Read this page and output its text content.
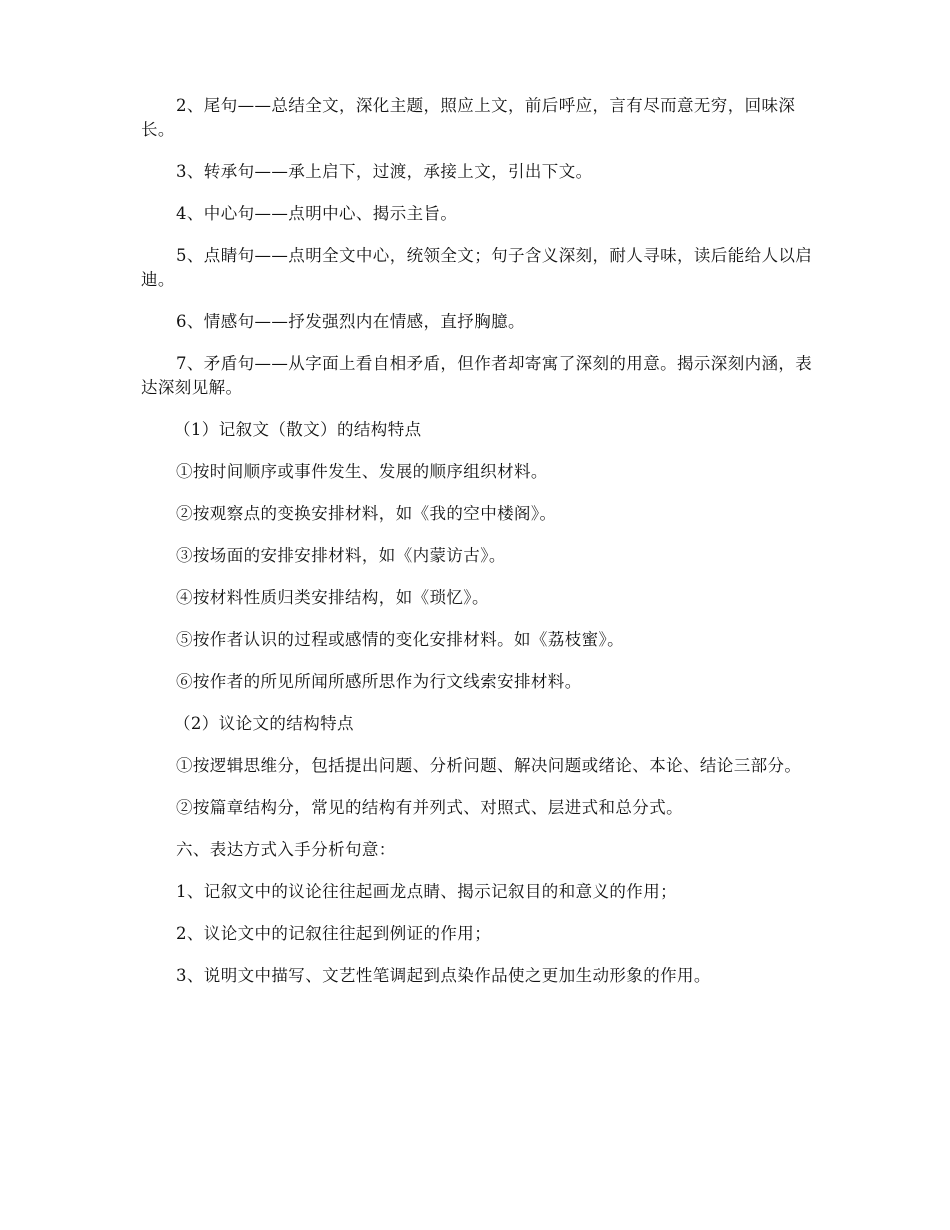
2、尾句——总结全文，深化主题，照应上文，前后呼应，言有尽而意无穷，回味深长。

3、转承句——承上启下，过渡，承接上文，引出下文。

4、中心句——点明中心、揭示主旨。

5、点睛句——点明全文中心，统领全文；句子含义深刻，耐人寻味，读后能给人以启迪。

6、情感句——抒发强烈内在情感，直抒胸臆。

7、矛盾句——从字面上看自相矛盾，但作者却寄寓了深刻的用意。揭示深刻内涵，表达深刻见解。

（1）记叙文（散文）的结构特点

①按时间顺序或事件发生、发展的顺序组织材料。

②按观察点的变换安排材料，如《我的空中楼阁》。

③按场面的安排安排材料，如《内蒙访古》。

④按材料性质归类安排结构，如《琐忆》。

⑤按作者认识的过程或感情的变化安排材料。如《荔枝蜜》。

⑥按作者的所见所闻所感所思作为行文线索安排材料。

（2）议论文的结构特点

①按逻辑思维分，包括提出问题、分析问题、解决问题或绪论、本论、结论三部分。

②按篇章结构分，常见的结构有并列式、对照式、层进式和总分式。

六、表达方式入手分析句意：

1、记叙文中的议论往往起画龙点睛、揭示记叙目的和意义的作用；

2、议论文中的记叙往往起到例证的作用；

3、说明文中描写、文艺性笔调起到点染作品使之更加生动形象的作用。
